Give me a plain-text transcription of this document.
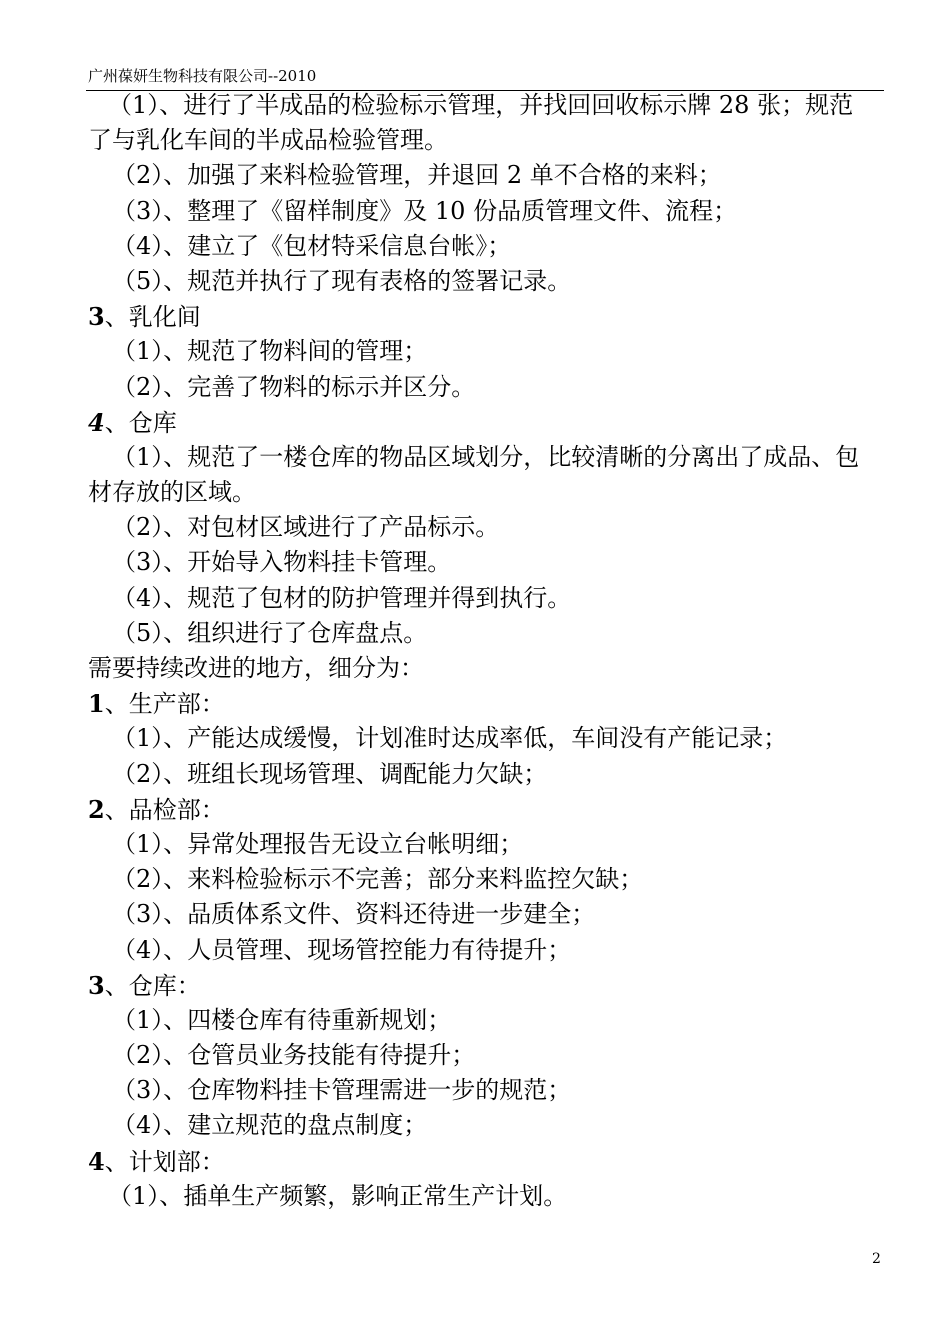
广州葆妍生物科技有限公司--2010
（1）、进行了半成品的检验标示管理，并找回回收标示牌 28 张；规范
了与乳化车间的半成品检验管理。
（2）、加强了来料检验管理，并退回 2 单不合格的来料；
（3）、整理了《留样制度》及 10 份品质管理文件、流程；
（4）、建立了《包材特采信息台帐》；
（5）、规范并执行了现有表格的签署记录。
3、乳化间
（1）、规范了物料间的管理；
（2）、完善了物料的标示并区分。
4、仓库
（1）、规范了一楼仓库的物品区域划分，比较清晰的分离出了成品、包
材存放的区域。
（2）、对包材区域进行了产品标示。
（3）、开始导入物料挂卡管理。
（4）、规范了包材的防护管理并得到执行。
（5）、组织进行了仓库盘点。
需要持续改进的地方，细分为：
1、生产部：
（1）、产能达成缓慢，计划准时达成率低，车间没有产能记录；
（2）、班组长现场管理、调配能力欠缺；
2、品检部：
（1）、异常处理报告无设立台帐明细；
（2）、来料检验标示不完善；部分来料监控欠缺；
（3）、品质体系文件、资料还待进一步建全；
（4）、人员管理、现场管控能力有待提升；
3、仓库：
（1）、四楼仓库有待重新规划；
（2）、仓管员业务技能有待提升；
（3）、仓库物料挂卡管理需进一步的规范；
（4）、建立规范的盘点制度；
4、计划部：
（1）、插单生产频繁，影响正常生产计划。
2
